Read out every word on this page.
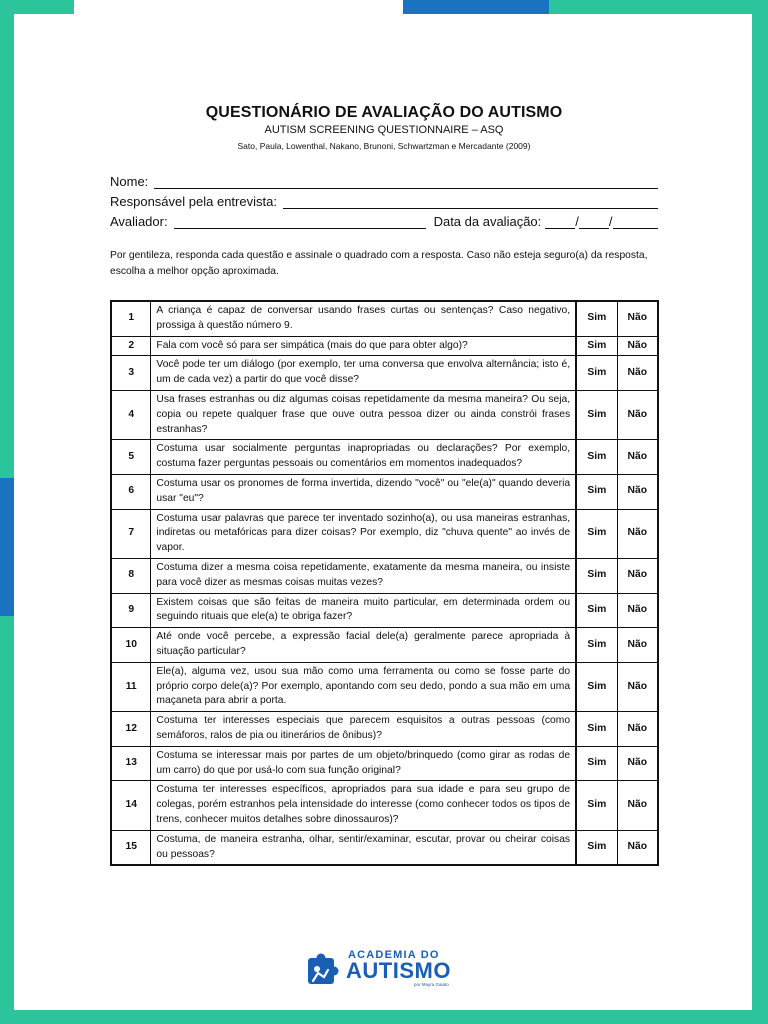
QUESTIONÁRIO DE AVALIAÇÃO DO AUTISMO
AUTISM SCREENING QUESTIONNAIRE – ASQ
Sato, Paula, Lowenthal, Nakano, Brunoni, Schwartzman e Mercadante (2009)
Nome:
Responsável pela entrevista:
Avaliador:	Data da avaliação:	/ /
Por gentileza, responda cada questão e assinale o quadrado com a resposta. Caso não esteja seguro(a) da resposta, escolha a melhor opção aproximada.
1	A criança é capaz de conversar usando frases curtas ou sentenças? Caso negativo, prossiga à questão número 9.	Sim	Não
2	Fala com você só para ser simpática (mais do que para obter algo)?	Sim	Não
3	Você pode ter um diálogo (por exemplo, ter uma conversa que envolva alternância; isto é, um de cada vez) a partir do que você disse?	Sim	Não
4	Usa frases estranhas ou diz algumas coisas repetidamente da mesma maneira? Ou seja, copia ou repete qualquer frase que ouve outra pessoa dizer ou ainda constrói frases estranhas?	Sim	Não
5	Costuma usar socialmente perguntas inapropriadas ou declarações? Por exemplo, costuma fazer perguntas pessoais ou comentários em momentos inadequados?	Sim	Não
6	Costuma usar os pronomes de forma invertida, dizendo "você" ou "ele(a)" quando deveria usar "eu"?	Sim	Não
7	Costuma usar palavras que parece ter inventado sozinho(a), ou usa maneiras estranhas, indiretas ou metafóricas para dizer coisas? Por exemplo, diz "chuva quente" ao invés de vapor.	Sim	Não
8	Costuma dizer a mesma coisa repetidamente, exatamente da mesma maneira, ou insiste para você dizer as mesmas coisas muitas vezes?	Sim	Não
9	Existem coisas que são feitas de maneira muito particular, em determinada ordem ou seguindo rituais que ele(a) te obriga fazer?	Sim	Não
10	Até onde você percebe, a expressão facial dele(a) geralmente parece apropriada à situação particular?	Sim	Não
11	Ele(a), alguma vez, usou sua mão como uma ferramenta ou como se fosse parte do próprio corpo dele(a)? Por exemplo, apontando com seu dedo, pondo a sua mão em uma maçaneta para abrir a porta.	Sim	Não
12	Costuma ter interesses especiais que parecem esquisitos a outras pessoas (como semáforos, ralos de pia ou itinerários de ônibus)?	Sim	Não
13	Costuma se interessar mais por partes de um objeto/brinquedo (como girar as rodas de um carro) do que por usá-lo com sua função original?	Sim	Não
14	Costuma ter interesses específicos, apropriados para sua idade e para seu grupo de colegas, porém estranhos pela intensidade do interesse (como conhecer todos os tipos de trens, conhecer muitos detalhes sobre dinossauros)?	Sim	Não
15	Costuma, de maneira estranha, olhar, sentir/examinar, escutar, provar ou cheirar coisas ou pessoas?	Sim	Não
ACADEMIA DO
AUTISMO
por Mayra Gaiato
